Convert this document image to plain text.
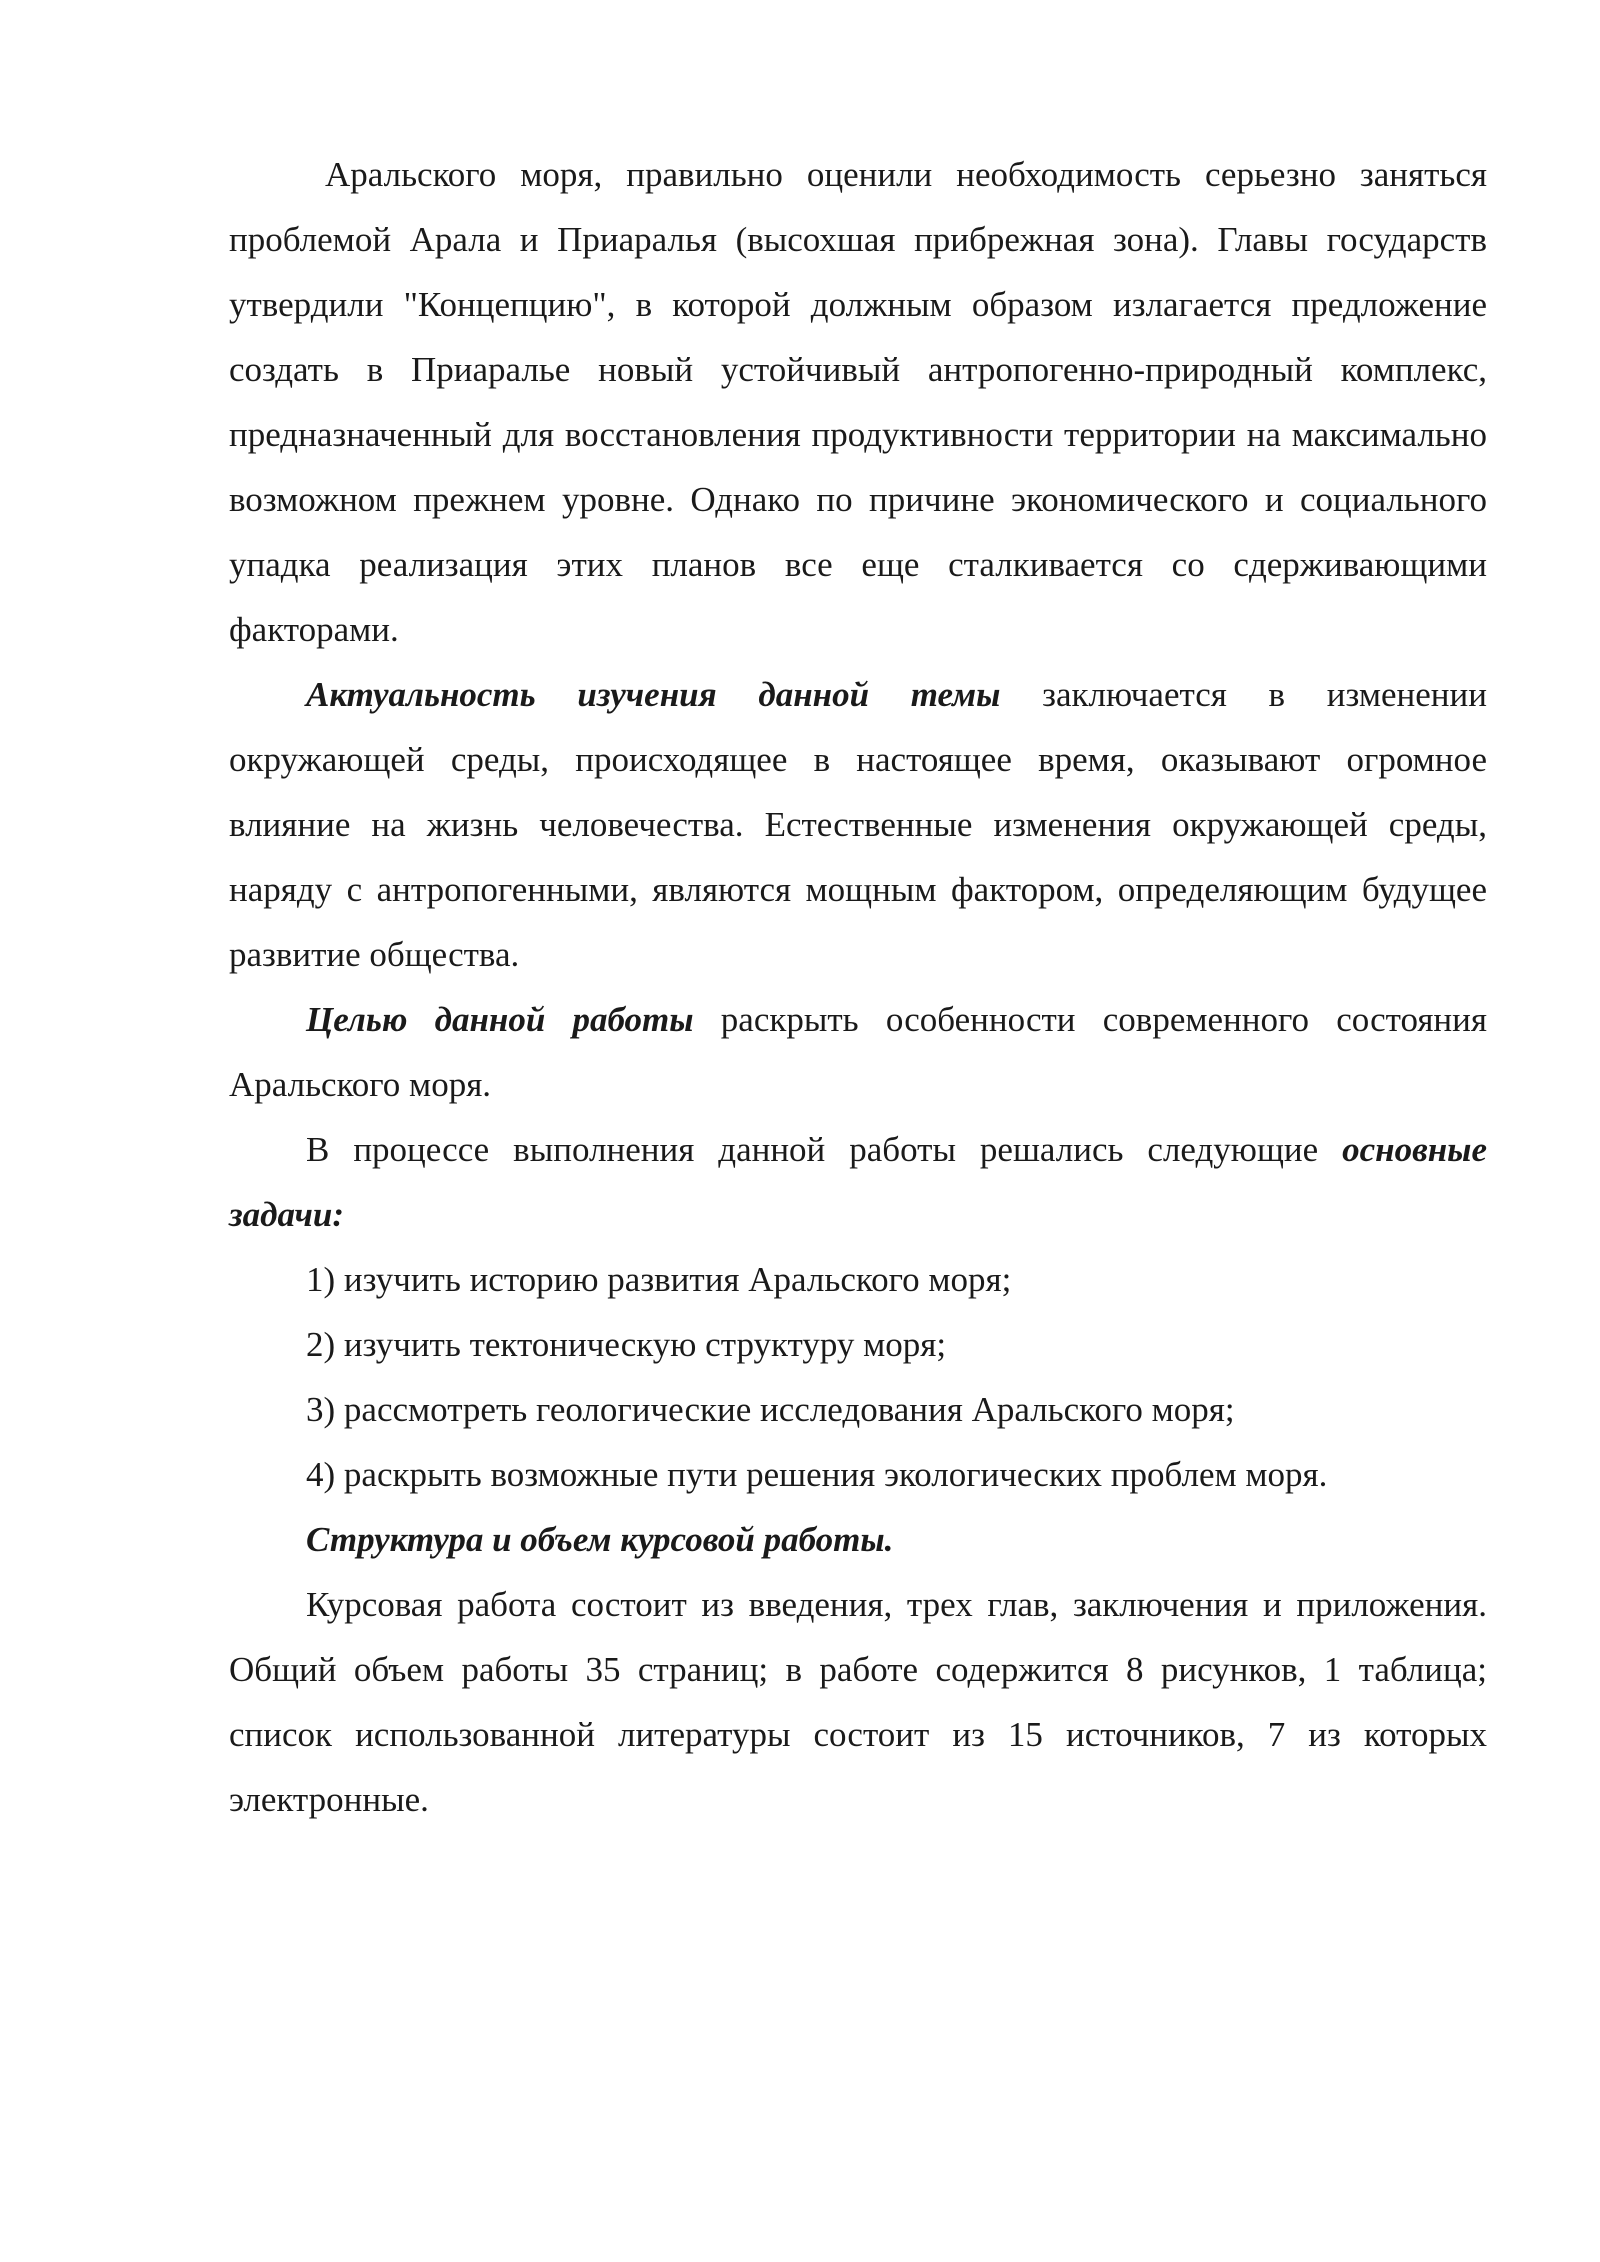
Аральского моря, правильно оценили необходимость серьезно заняться проблемой Арала и Приаралья (высохшая прибрежная зона). Главы государств утвердили "Концепцию", в которой должным образом излагается предложение создать в Приаралье новый устойчивый антропогенно-природный комплекс, предназначенный для восстановления продуктивности территории на максимально возможном прежнем уровне. Однако по причине экономического и социального упадка реализация этих планов все еще сталкивается со сдерживающими факторами.

Актуальность изучения данной темы заключается в изменении окружающей среды, происходящее в настоящее время, оказывают огромное влияние на жизнь человечества. Естественные изменения окружающей среды, наряду с антропогенными, являются мощным фактором, определяющим будущее развитие общества.

Целью данной работы раскрыть особенности современного состояния Аральского моря.

В процессе выполнения данной работы решались следующие основные задачи:

1) изучить историю развития Аральского моря;

2) изучить тектоническую структуру моря;

3) рассмотреть геологические исследования Аральского моря;

4) раскрыть возможные пути решения экологических проблем моря.

Структура и объем курсовой работы.

Курсовая работа состоит из введения, трех глав, заключения и приложения. Общий объем работы 35 страниц; в работе содержится 8 рисунков, 1 таблица; список использованной литературы состоит из 15 источников, 7 из которых электронные.
